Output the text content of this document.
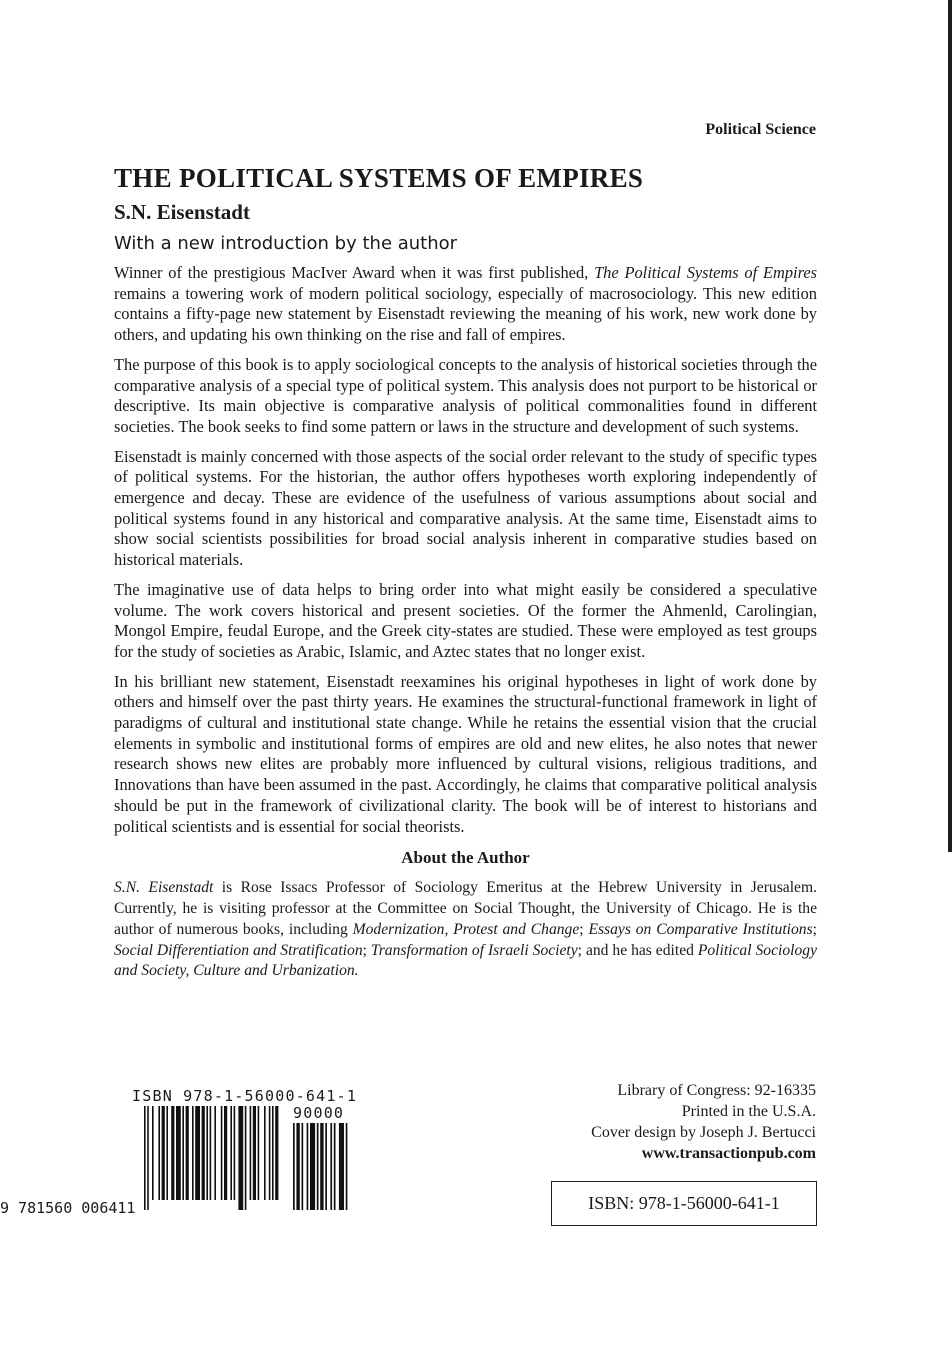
Political Science
THE POLITICAL SYSTEMS OF EMPIRES

S.N. Eisenstadt

With a new introduction by the author

Winner of the prestigious MacIver Award when it was first published, The Political Systems of Empires remains a towering work of modern political sociology, especially of macrosociology. This new edition contains a fifty-page new statement by Eisenstadt reviewing the meaning of his work, new work done by others, and updating his own thinking on the rise and fall of empires.

The purpose of this book is to apply sociological concepts to the analysis of historical societies through the comparative analysis of a special type of political system. This analysis does not purport to be historical or descriptive. Its main objective is comparative analysis of political commonalities found in different societies. The book seeks to find some pattern or laws in the structure and development of such systems.

Eisenstadt is mainly concerned with those aspects of the social order relevant to the study of specific types of political systems. For the historian, the author offers hypotheses worth exploring independently of emergence and decay. These are evidence of the usefulness of various assumptions about social and political systems found in any historical and comparative analysis. At the same time, Eisenstadt aims to show social scientists possibilities for broad social analysis inherent in comparative studies based on historical materials.

The imaginative use of data helps to bring order into what might easily be considered a speculative volume. The work covers historical and present societies. Of the former the Ahmenld, Carolingian, Mongol Empire, feudal Europe, and the Greek city-states are studied. These were employed as test groups for the study of societies as Arabic, Islamic, and Aztec states that no longer exist.

In his brilliant new statement, Eisenstadt reexamines his original hypotheses in light of work done by others and himself over the past thirty years. He examines the structural-functional framework in light of paradigms of cultural and institutional state change. While he retains the essential vision that the crucial elements in symbolic and institutional forms of empires are old and new elites, he also notes that newer research shows new elites are probably more influenced by cultural visions, religious traditions, and Innovations than have been assumed in the past. Accordingly, he claims that comparative political analysis should be put in the framework of civilizational clarity. The book will be of interest to historians and political scientists and is essential for social theorists.

About the Author

S.N. Eisenstadt is Rose Issacs Professor of Sociology Emeritus at the Hebrew University in Jerusalem. Currently, he is visiting professor at the Committee on Social Thought, the University of Chicago. He is the author of numerous books, including Modernization, Protest and Change; Essays on Comparative Institutions; Social Differentiation and Stratification; Transformation of Israeli Society; and he has edited Political Sociology and Society, Culture and Urbanization.

ISBN 978-1-56000-641-1
90000
9 781560 006411
Library of Congress: 92-16335
Printed in the U.S.A.
Cover design by Joseph J. Bertucci
www.transactionpub.com
ISBN: 978-1-56000-641-1
